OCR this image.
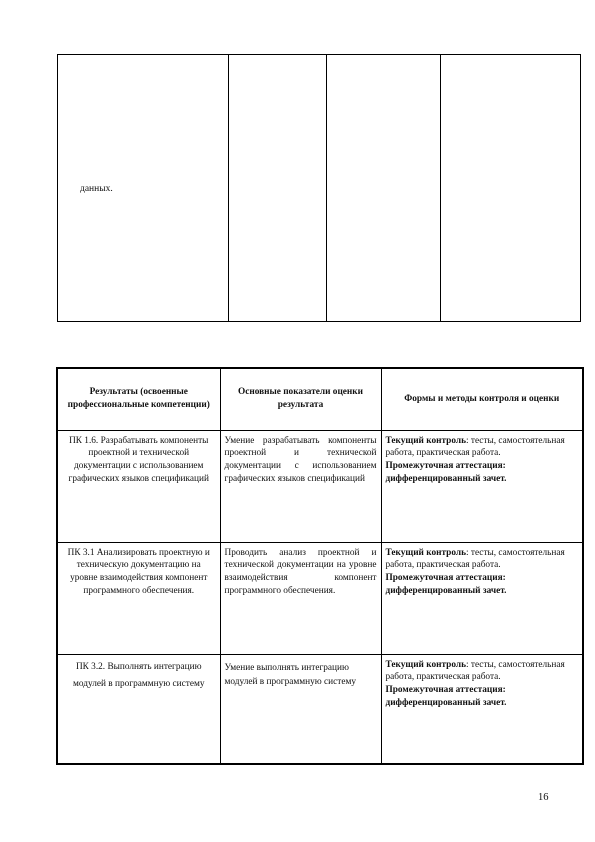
данных.
Результаты (освоенные профессиональные компетенции)	Основные показатели оценки результата	Формы и методы контроля и оценки
ПК 1.6. Разрабатывать компоненты проектной и технической документации с использованием графических языков спецификаций	Умение разрабатывать компоненты проектной и технической документации с использованием графических языков спецификаций	Текущий контроль: тесты, самостоятельная работа, практическая работа.
Промежуточная аттестация: дифференцированный зачет.
ПК 3.1 Анализировать проектную и техническую документацию на уровне взаимодействия компонент программного обеспечения.	Проводить анализ проектной и технической документации на уровне взаимодействия компонент программного обеспечения.	Текущий контроль: тесты, самостоятельная работа, практическая работа.
Промежуточная аттестация: дифференцированный зачет.
ПК 3.2. Выполнять интеграцию модулей в программную систему	Умение выполнять интеграцию модулей в программную систему	Текущий контроль: тесты, самостоятельная работа, практическая работа.
Промежуточная аттестация: дифференцированный зачет.
16
